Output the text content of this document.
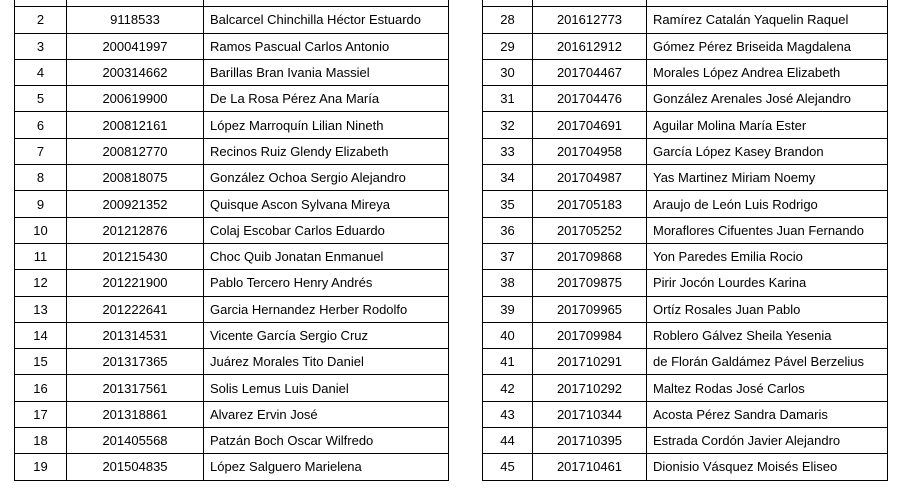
2	9118533	Balcarcel Chinchilla Héctor Estuardo
3	200041997	Ramos Pascual Carlos Antonio
4	200314662	Barillas Bran Ivania Massiel
5	200619900	De La Rosa Pérez Ana María
6	200812161	López Marroquín Lilian Nineth
7	200812770	Recinos Ruiz Glendy Elizabeth
8	200818075	González Ochoa Sergio Alejandro
9	200921352	Quisque Ascon Sylvana Mireya
10	201212876	Colaj Escobar Carlos Eduardo
11	201215430	Choc Quib Jonatan Enmanuel
12	201221900	Pablo Tercero Henry Andrés
13	201222641	Garcia Hernandez Herber Rodolfo
14	201314531	Vicente García Sergio Cruz
15	201317365	Juárez Morales Tito Daniel
16	201317561	Solis Lemus Luis Daniel
17	201318861	Alvarez Ervin José
18	201405568	Patzán Boch Oscar Wilfredo
19	201504835	López Salguero Marielena

28	201612773	Ramírez Catalán Yaquelin Raquel
29	201612912	Gómez Pérez Briseida Magdalena
30	201704467	Morales López Andrea Elizabeth
31	201704476	González Arenales José Alejandro
32	201704691	Aguilar Molina María Ester
33	201704958	García López Kasey Brandon
34	201704987	Yas Martinez Miriam Noemy
35	201705183	Araujo de León Luis Rodrigo
36	201705252	Moraflores Cifuentes Juan Fernando
37	201709868	Yon Paredes Emilia Rocio
38	201709875	Pirir Jocón Lourdes Karina
39	201709965	Ortíz Rosales Juan Pablo
40	201709984	Roblero Gálvez Sheila Yesenia
41	201710291	de Florán Galdámez Pável Berzelius
42	201710292	Maltez Rodas José Carlos
43	201710344	Acosta Pérez Sandra Damaris
44	201710395	Estrada Cordón Javier Alejandro
45	201710461	Dionisio Vásquez Moisés Eliseo
